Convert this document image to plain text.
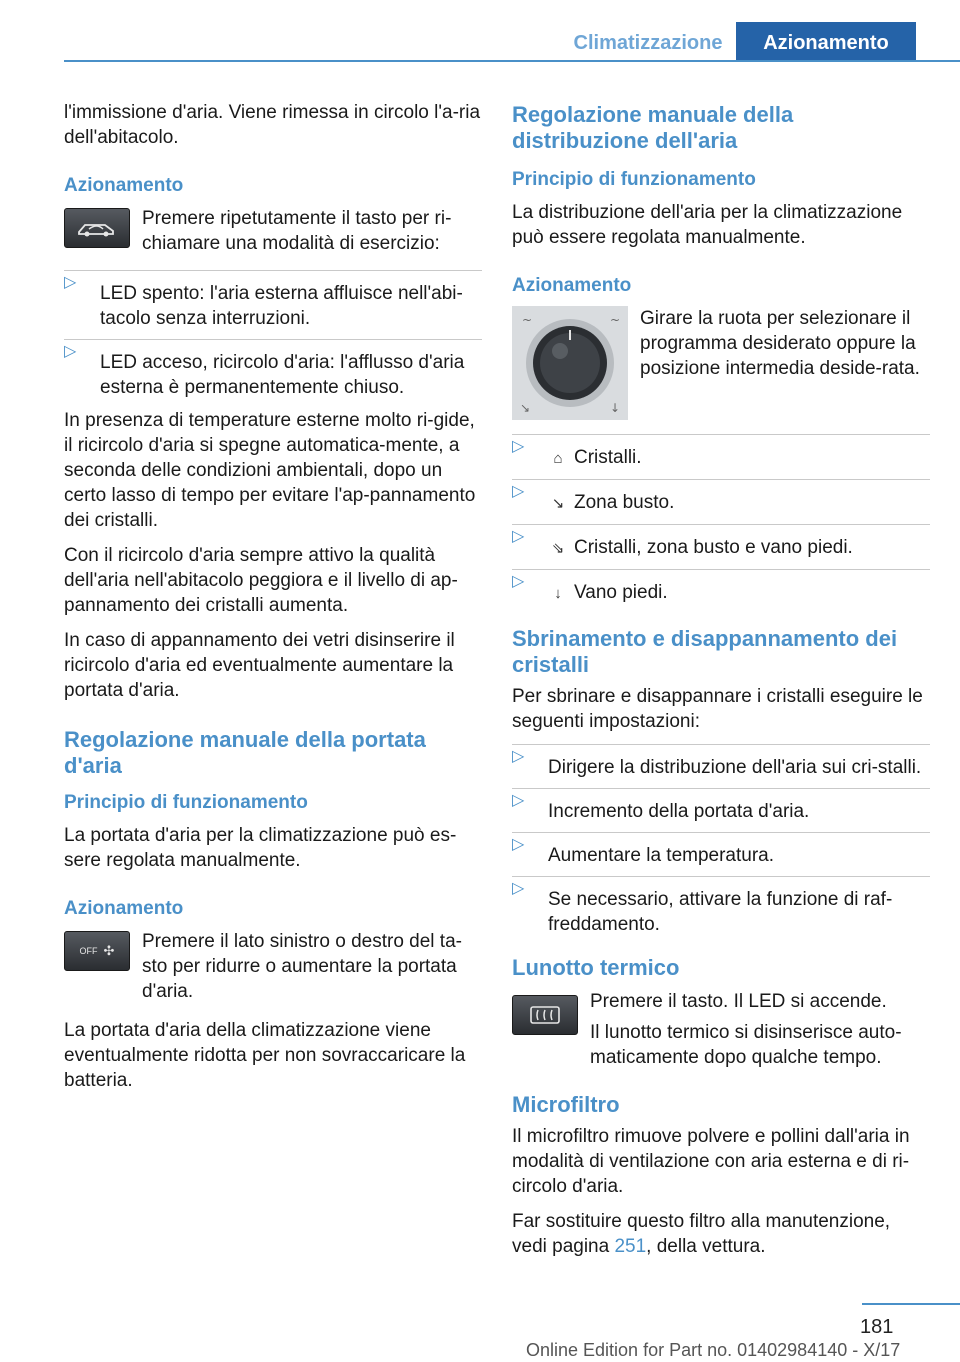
Climatizzazione	Azionamento

l'immissione d'aria. Viene rimessa in circolo l'a-ria dell'abitacolo.

Azionamento

Premere ripetutamente il tasto per ri-chiamare una modalità di esercizio:

▷
LED spento: l'aria esterna affluisce nell'abi-tacolo senza interruzioni.
▷
LED acceso, ricircolo d'aria: l'afflusso d'aria esterna è permanentemente chiuso.

In presenza di temperature esterne molto ri-gide, il ricircolo d'aria si spegne automatica-mente, a seconda delle condizioni ambientali, dopo un certo lasso di tempo per evitare l'ap-pannamento dei cristalli.

Con il ricircolo d'aria sempre attivo la qualità dell'aria nell'abitacolo peggiora e il livello di ap-pannamento dei cristalli aumenta.

In caso di appannamento dei vetri disinserire il ricircolo d'aria ed eventualmente aumentare la portata d'aria.

Regolazione manuale della portata d'aria
Principio di funzionamento

La portata d'aria per la climatizzazione può es-sere regolata manualmente.

Azionamento
OFF ✣ Premere il lato sinistro o destro del ta-sto per ridurre o aumentare la portata d'aria.

La portata d'aria della climatizzazione viene eventualmente ridotta per non sovraccaricare la batteria.

Regolazione manuale della distribuzione dell'aria
Principio di funzionamento

La distribuzione dell'aria per la climatizzazione può essere regolata manualmente.

Azionamento
~	~
↘	↓

Girare la ruota per selezionare il programma desiderato oppure la posizione intermedia deside-rata.

▷
⌂ Cristalli.
▷
↘ Zona busto.
▷
⇘ Cristalli, zona busto e vano piedi.
▷
↓ Vano piedi.
Sbrinamento e disappannamento dei cristalli

Per sbrinare e disappannare i cristalli eseguire le seguenti impostazioni:

▷
Dirigere la distribuzione dell'aria sui cri-stalli.
▷
Incremento della portata d'aria.
▷
Aumentare la temperatura.
▷
Se necessario, attivare la funzione di raf-freddamento.
Lunotto termico

Premere il tasto. Il LED si accende.

Il lunotto termico si disinserisce auto-maticamente dopo qualche tempo.

Microfiltro

Il microfiltro rimuove polvere e pollini dall'aria in modalità di ventilazione con aria esterna e di ri-circolo d'aria.

Far sostituire questo filtro alla manutenzione, vedi pagina 251, della vettura.

181
Online Edition for Part no. 01402984140 - X/17
